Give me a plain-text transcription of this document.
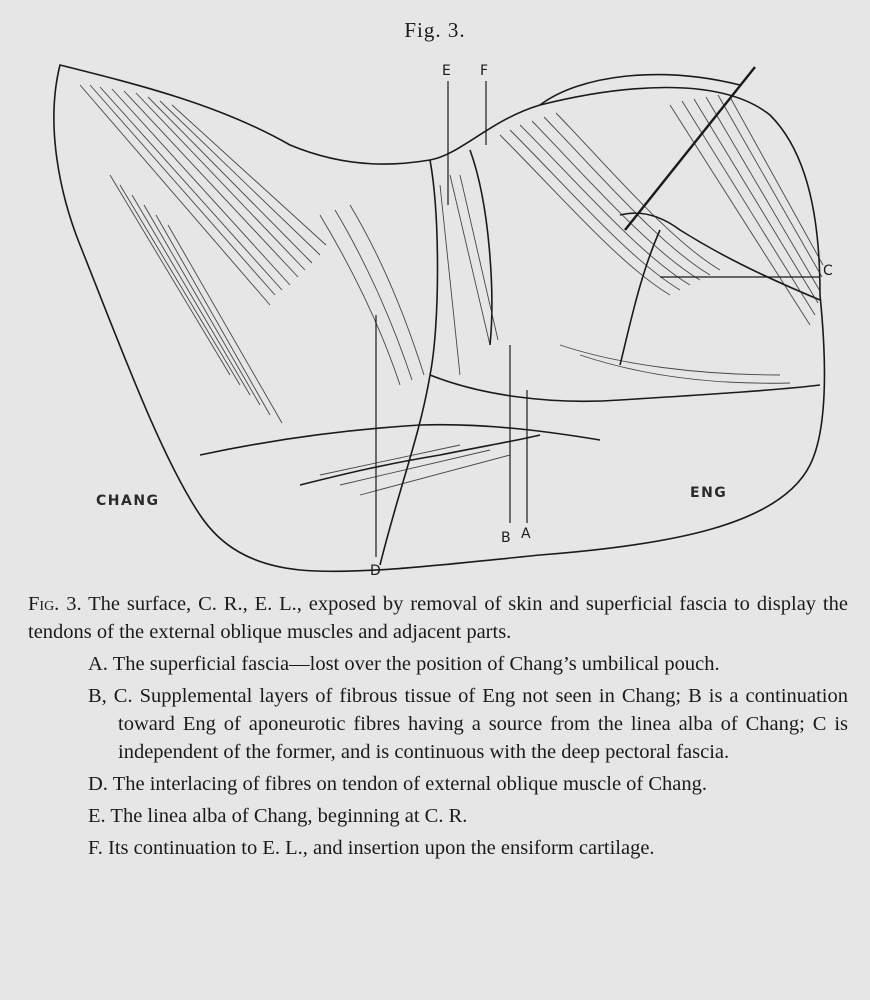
Fig. 3.
E F
C
D
B A
CHANG	ENG

Fig. 3. The surface, C. R., E. L., exposed by removal of skin and superficial fascia to display the tendons of the external oblique muscles and adjacent parts.

A. The superficial fascia—lost over the position of Chang’s umbilical pouch.

B, C. Supplemental layers of fibrous tissue of Eng not seen in Chang; B is a continuation toward Eng of aponeurotic fibres having a source from the linea alba of Chang; C is independent of the former, and is continuous with the deep pectoral fascia.

D. The interlacing of fibres on tendon of external oblique muscle of Chang.

E. The linea alba of Chang, beginning at C. R.

F. Its continuation to E. L., and insertion upon the ensiform cartilage.
